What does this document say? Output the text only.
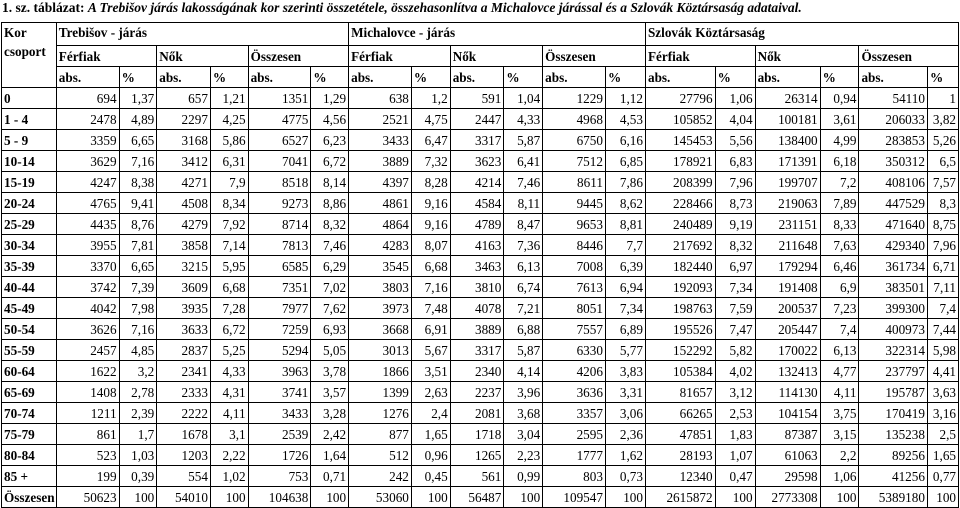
1. sz. táblázat: A Trebišov járás lakosságának kor szerinti összetétele, összehasonlítva a Michalovce járással és a Szlovák Köztársaság adataival.
Kor
csoport	Trebišov - járás						Michalovce - járás						Szlovák Köztársaság					
	Férfiak		Nők		Összesen		Férfiak		Nők		Összesen		Férfiak		Nők		Összesen	
	abs.	%	abs.	%	abs.	%	abs.	%	abs.	%	abs.	%	abs.	%	abs.	%	abs.	%
0	694	1,37	657	1,21	1351	1,29	638	1,2	591	1,04	1229	1,12	27796	1,06	26314	0,94	54110	1
1 - 4	2478	4,89	2297	4,25	4775	4,56	2521	4,75	2447	4,33	4968	4,53	105852	4,04	100181	3,61	206033	3,82
5 - 9	3359	6,65	3168	5,86	6527	6,23	3433	6,47	3317	5,87	6750	6,16	145453	5,56	138400	4,99	283853	5,26
10-14	3629	7,16	3412	6,31	7041	6,72	3889	7,32	3623	6,41	7512	6,85	178921	6,83	171391	6,18	350312	6,5
15-19	4247	8,38	4271	7,9	8518	8,14	4397	8,28	4214	7,46	8611	7,86	208399	7,96	199707	7,2	408106	7,57
20-24	4765	9,41	4508	8,34	9273	8,86	4861	9,16	4584	8,11	9445	8,62	228466	8,73	219063	7,89	447529	8,3
25-29	4435	8,76	4279	7,92	8714	8,32	4864	9,16	4789	8,47	9653	8,81	240489	9,19	231151	8,33	471640	8,75
30-34	3955	7,81	3858	7,14	7813	7,46	4283	8,07	4163	7,36	8446	7,7	217692	8,32	211648	7,63	429340	7,96
35-39	3370	6,65	3215	5,95	6585	6,29	3545	6,68	3463	6,13	7008	6,39	182440	6,97	179294	6,46	361734	6,71
40-44	3742	7,39	3609	6,68	7351	7,02	3803	7,16	3810	6,74	7613	6,94	192093	7,34	191408	6,9	383501	7,11
45-49	4042	7,98	3935	7,28	7977	7,62	3973	7,48	4078	7,21	8051	7,34	198763	7,59	200537	7,23	399300	7,4
50-54	3626	7,16	3633	6,72	7259	6,93	3668	6,91	3889	6,88	7557	6,89	195526	7,47	205447	7,4	400973	7,44
55-59	2457	4,85	2837	5,25	5294	5,05	3013	5,67	3317	5,87	6330	5,77	152292	5,82	170022	6,13	322314	5,98
60-64	1622	3,2	2341	4,33	3963	3,78	1866	3,51	2340	4,14	4206	3,83	105384	4,02	132413	4,77	237797	4,41
65-69	1408	2,78	2333	4,31	3741	3,57	1399	2,63	2237	3,96	3636	3,31	81657	3,12	114130	4,11	195787	3,63
70-74	1211	2,39	2222	4,11	3433	3,28	1276	2,4	2081	3,68	3357	3,06	66265	2,53	104154	3,75	170419	3,16
75-79	861	1,7	1678	3,1	2539	2,42	877	1,65	1718	3,04	2595	2,36	47851	1,83	87387	3,15	135238	2,5
80-84	523	1,03	1203	2,22	1726	1,64	512	0,96	1265	2,23	1777	1,62	28193	1,07	61063	2,2	89256	1,65
85 +	199	0,39	554	1,02	753	0,71	242	0,45	561	0,99	803	0,73	12340	0,47	29598	1,06	41256	0,77
Összesen	50623	100	54010	100	104638	100	53060	100	56487	100	109547	100	2615872	100	2773308	100	5389180	100
